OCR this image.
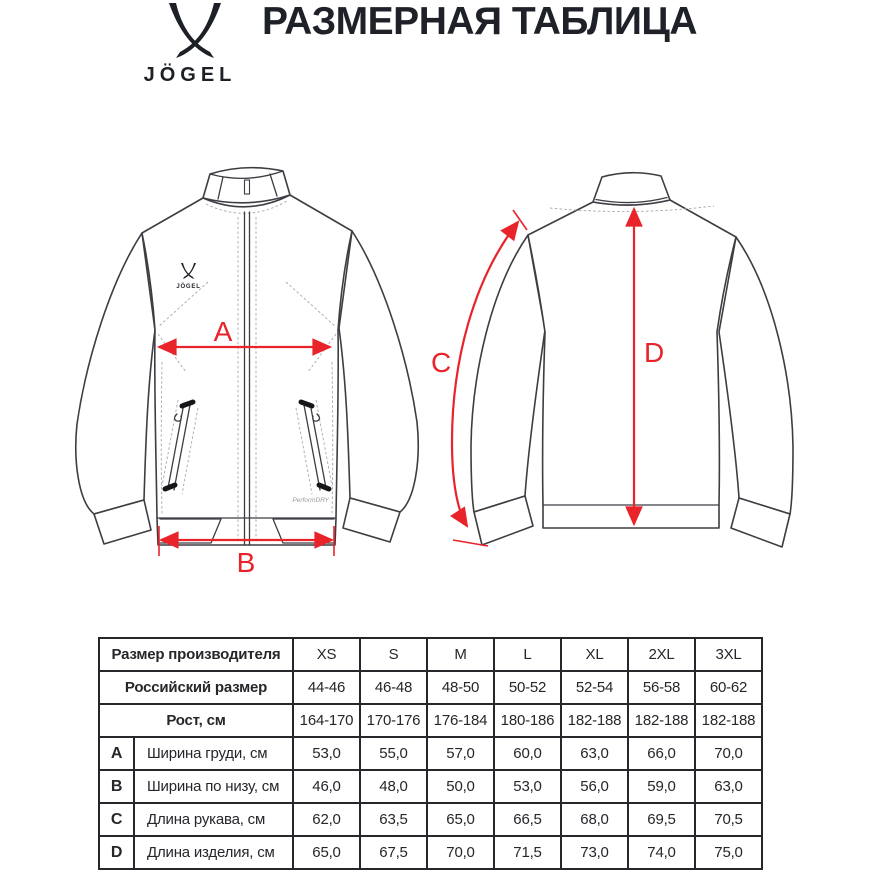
JÖGEL
РАЗМЕРНАЯ ТАБЛИЦА
JÖGEL
PerformDRY
A
B
C	D
Размер производителя		XS	S	M	L	XL	2XL	3XL
Российский размер		44-46	46-48	48-50	50-52	52-54	56-58	60-62
Рост, см		164-170	170-176	176-184	180-186	182-188	182-188	182-188
A	Ширина груди, см	53,0	55,0	57,0	60,0	63,0	66,0	70,0
B	Ширина по низу, см	46,0	48,0	50,0	53,0	56,0	59,0	63,0
C	Длина рукава, см	62,0	63,5	65,0	66,5	68,0	69,5	70,5
D	Длина изделия, см	65,0	67,5	70,0	71,5	73,0	74,0	75,0
